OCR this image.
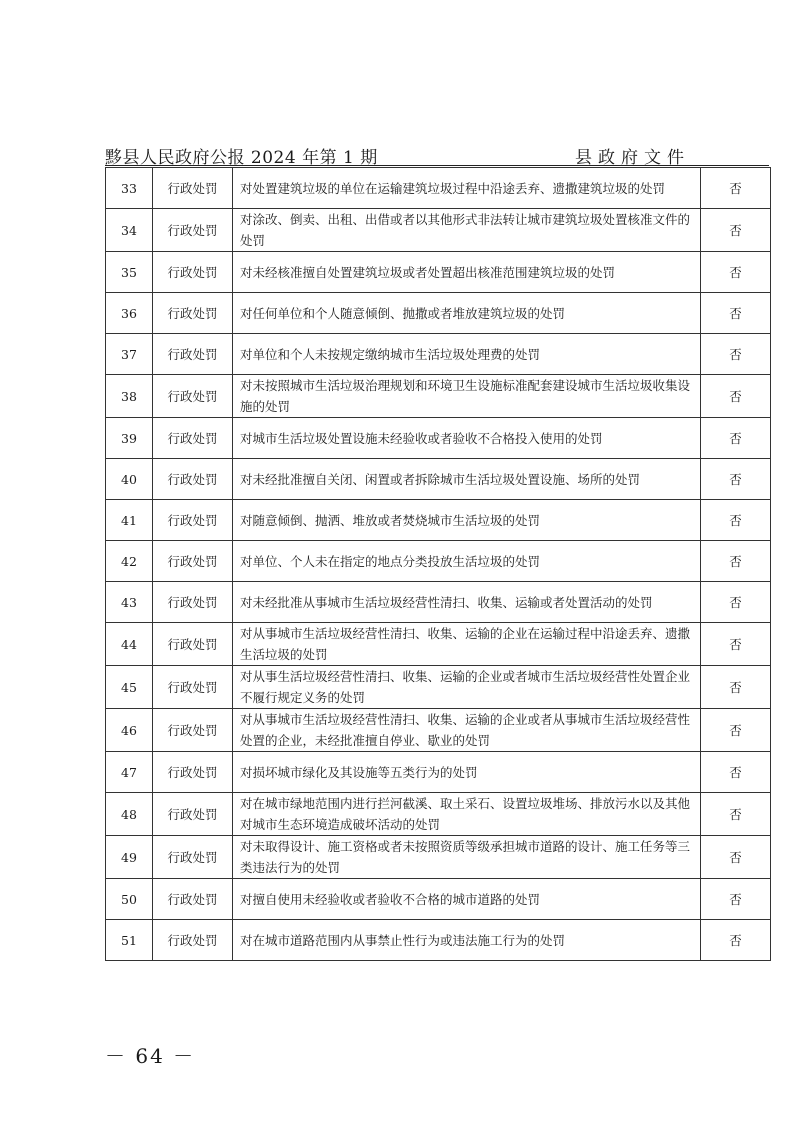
黟县人民政府公报 2024 年第 1 期	县政府文件
33	行政处罚	对处置建筑垃圾的单位在运输建筑垃圾过程中沿途丢弃、遗撒建筑垃圾的处罚	否
34	行政处罚	对涂改、倒卖、出租、出借或者以其他形式非法转让城市建筑垃圾处置核准文件的处罚	否
35	行政处罚	对未经核准擅自处置建筑垃圾或者处置超出核准范围建筑垃圾的处罚	否
36	行政处罚	对任何单位和个人随意倾倒、抛撒或者堆放建筑垃圾的处罚	否
37	行政处罚	对单位和个人未按规定缴纳城市生活垃圾处理费的处罚	否
38	行政处罚	对未按照城市生活垃圾治理规划和环境卫生设施标准配套建设城市生活垃圾收集设施的处罚	否
39	行政处罚	对城市生活垃圾处置设施未经验收或者验收不合格投入使用的处罚	否
40	行政处罚	对未经批准擅自关闭、闲置或者拆除城市生活垃圾处置设施、场所的处罚	否
41	行政处罚	对随意倾倒、抛洒、堆放或者焚烧城市生活垃圾的处罚	否
42	行政处罚	对单位、个人未在指定的地点分类投放生活垃圾的处罚	否
43	行政处罚	对未经批准从事城市生活垃圾经营性清扫、收集、运输或者处置活动的处罚	否
44	行政处罚	对从事城市生活垃圾经营性清扫、收集、运输的企业在运输过程中沿途丢弃、遗撒生活垃圾的处罚	否
45	行政处罚	对从事生活垃圾经营性清扫、收集、运输的企业或者城市生活垃圾经营性处置企业不履行规定义务的处罚	否
46	行政处罚	对从事城市生活垃圾经营性清扫、收集、运输的企业或者从事城市生活垃圾经营性处置的企业，未经批准擅自停业、歇业的处罚	否
47	行政处罚	对损坏城市绿化及其设施等五类行为的处罚	否
48	行政处罚	对在城市绿地范围内进行拦河截溪、取土采石、设置垃圾堆场、排放污水以及其他对城市生态环境造成破坏活动的处罚	否
49	行政处罚	对未取得设计、施工资格或者未按照资质等级承担城市道路的设计、施工任务等三类违法行为的处罚	否
50	行政处罚	对擅自使用未经验收或者验收不合格的城市道路的处罚	否
51	行政处罚	对在城市道路范围内从事禁止性行为或违法施工行为的处罚	否
－ 64 －
